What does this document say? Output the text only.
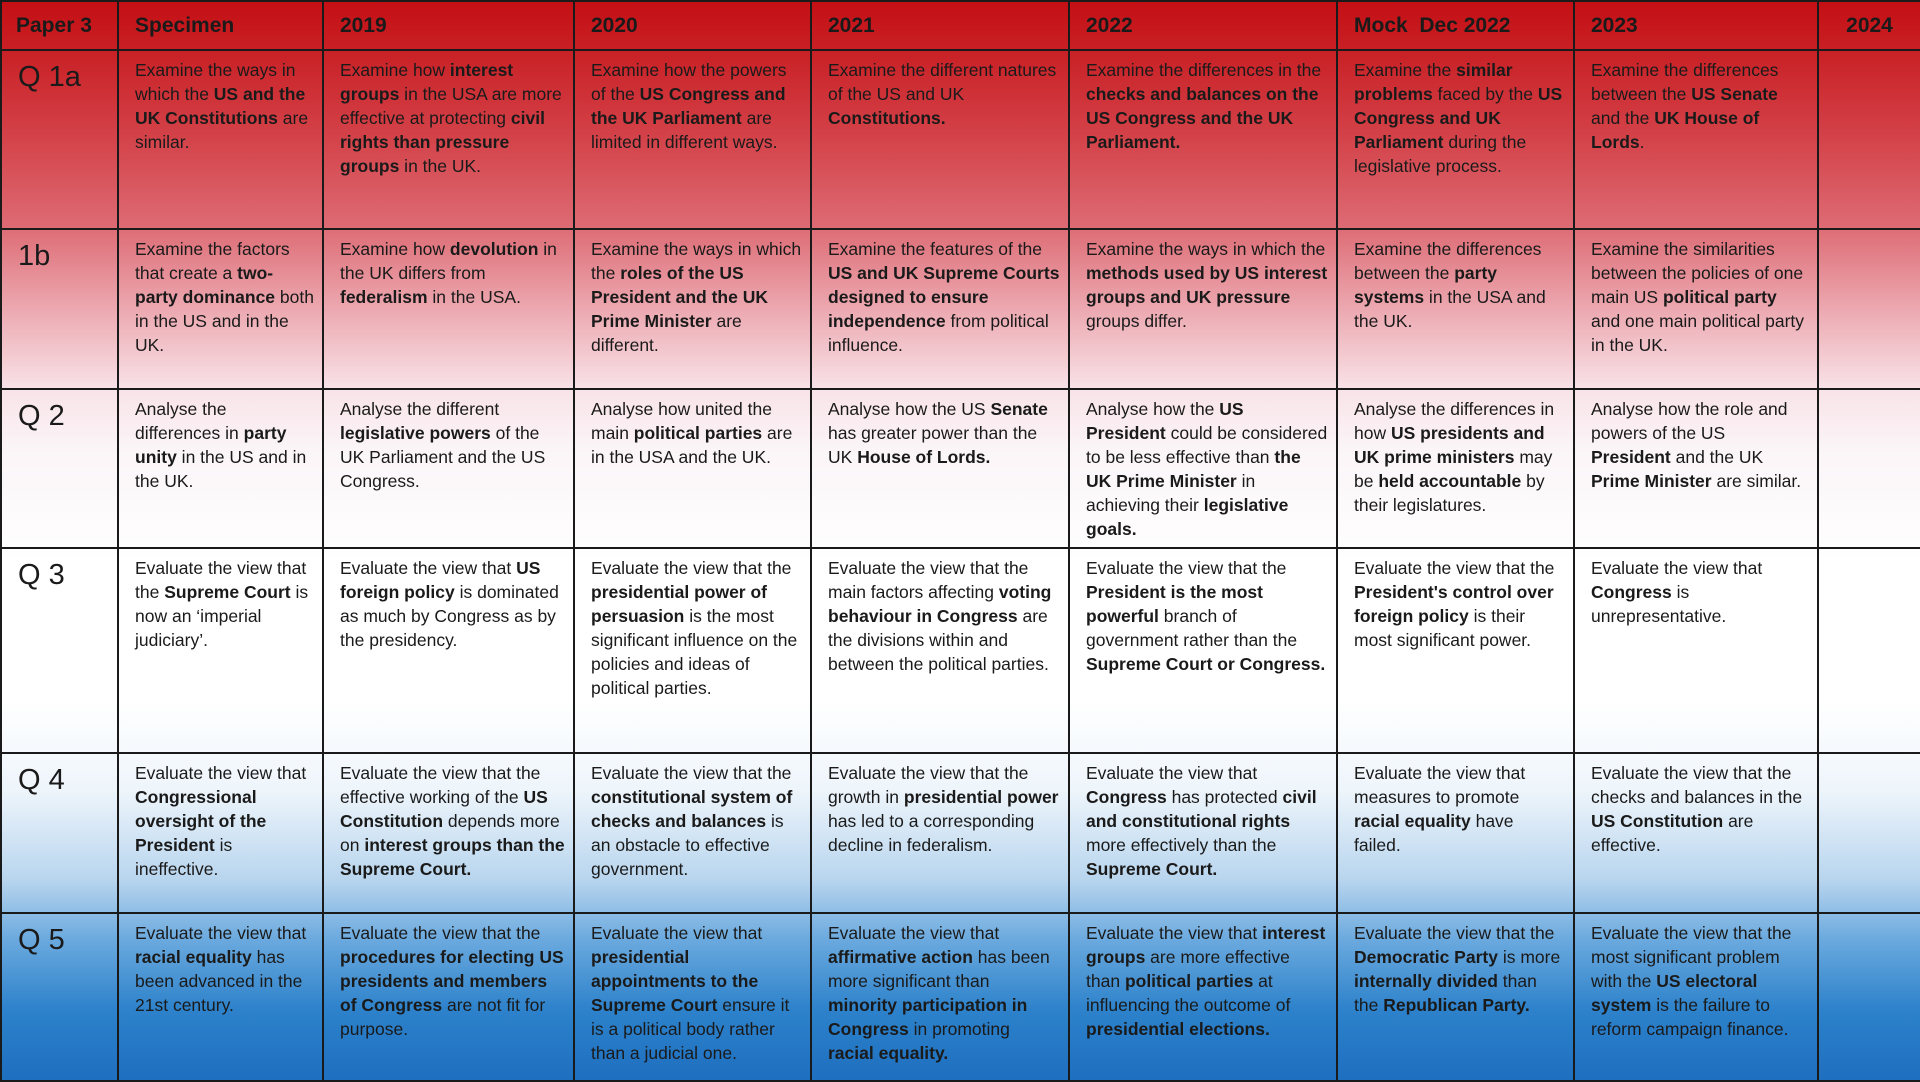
Paper 3	Specimen	2019	2020	2021	2022	Mock  Dec 2022	2023	2024
Q 1a	Examine the ways in which the US and the UK Constitutions are similar.	Examine how interest groups in the USA are more effective at protecting civil rights than pressure groups in the UK.	Examine how the powers of the US Congress and the UK Parliament are limited in different ways.	Examine the different natures of the US and UK Constitutions.	Examine the differences in the checks and balances on the US Congress and the UK Parliament.	Examine the similar problems faced by the US Congress and UK Parliament during the legislative process.	Examine the differences between the US Senate and the UK House of Lords.	
1b	Examine the factors that create a two-party dominance both in the US and in the UK.	Examine how devolution in the UK differs from federalism in the USA.	Examine the ways in which the roles of the US President and the UK Prime Minister are different.	Examine the features of the US and UK Supreme Courts designed to ensure independence from political influence.	Examine the ways in which the methods used by US interest groups and UK pressure groups differ.	Examine the differences between the party systems in the USA and the UK.	Examine the similarities between the policies of one main US political party and one main political party in the UK.	
Q 2	Analyse the differences in party unity in the US and in the UK.	Analyse the different legislative powers of the UK Parliament and the US Congress.	Analyse how united the main political parties are in the USA and the UK.	Analyse how the US Senate has greater power than the UK House of Lords.	Analyse how the US President could be considered to be less effective than the UK Prime Minister in achieving their legislative goals.	Analyse the differences in how US presidents and UK prime ministers may be held accountable by their legislatures.	Analyse how the role and powers of the US President and the UK Prime Minister are similar.	
Q 3	Evaluate the view that the Supreme Court is now an ‘imperial judiciary’.	Evaluate the view that US foreign policy is dominated as much by Congress as by the presidency.	Evaluate the view that the presidential power of persuasion is the most significant influence on the policies and ideas of political parties.	Evaluate the view that the main factors affecting voting behaviour in Congress are the divisions within and between the political parties.	Evaluate the view that the President is the most powerful branch of government rather than the Supreme Court or Congress.	Evaluate the view that the President's control over foreign policy is their most significant power.	Evaluate the view that Congress is unrepresentative.	
Q 4	Evaluate the view that Congressional oversight of the President is ineffective.	Evaluate the view that the effective working of the US Constitution depends more on interest groups than the Supreme Court.	Evaluate the view that the constitutional system of checks and balances is an obstacle to effective government.	Evaluate the view that the growth in presidential power has led to a corresponding decline in federalism.	Evaluate the view that Congress has protected civil and constitutional rights more effectively than the Supreme Court.	Evaluate the view that measures to promote racial equality have failed.	Evaluate the view that the checks and balances in the US Constitution are effective.	
Q 5	Evaluate the view that racial equality has been advanced in the 21st century.	Evaluate the view that the procedures for electing US presidents and members of Congress are not fit for purpose.	Evaluate the view that presidential appointments to the Supreme Court ensure it is a political body rather than a judicial one.	Evaluate the view that affirmative action has been more significant than minority participation in Congress in promoting racial equality.	Evaluate the view that interest groups are more effective than political parties at influencing the outcome of presidential elections.	Evaluate the view that the Democratic Party is more internally divided than the Republican Party.	Evaluate the view that the most significant problem with the US electoral system is the failure to reform campaign finance.	
